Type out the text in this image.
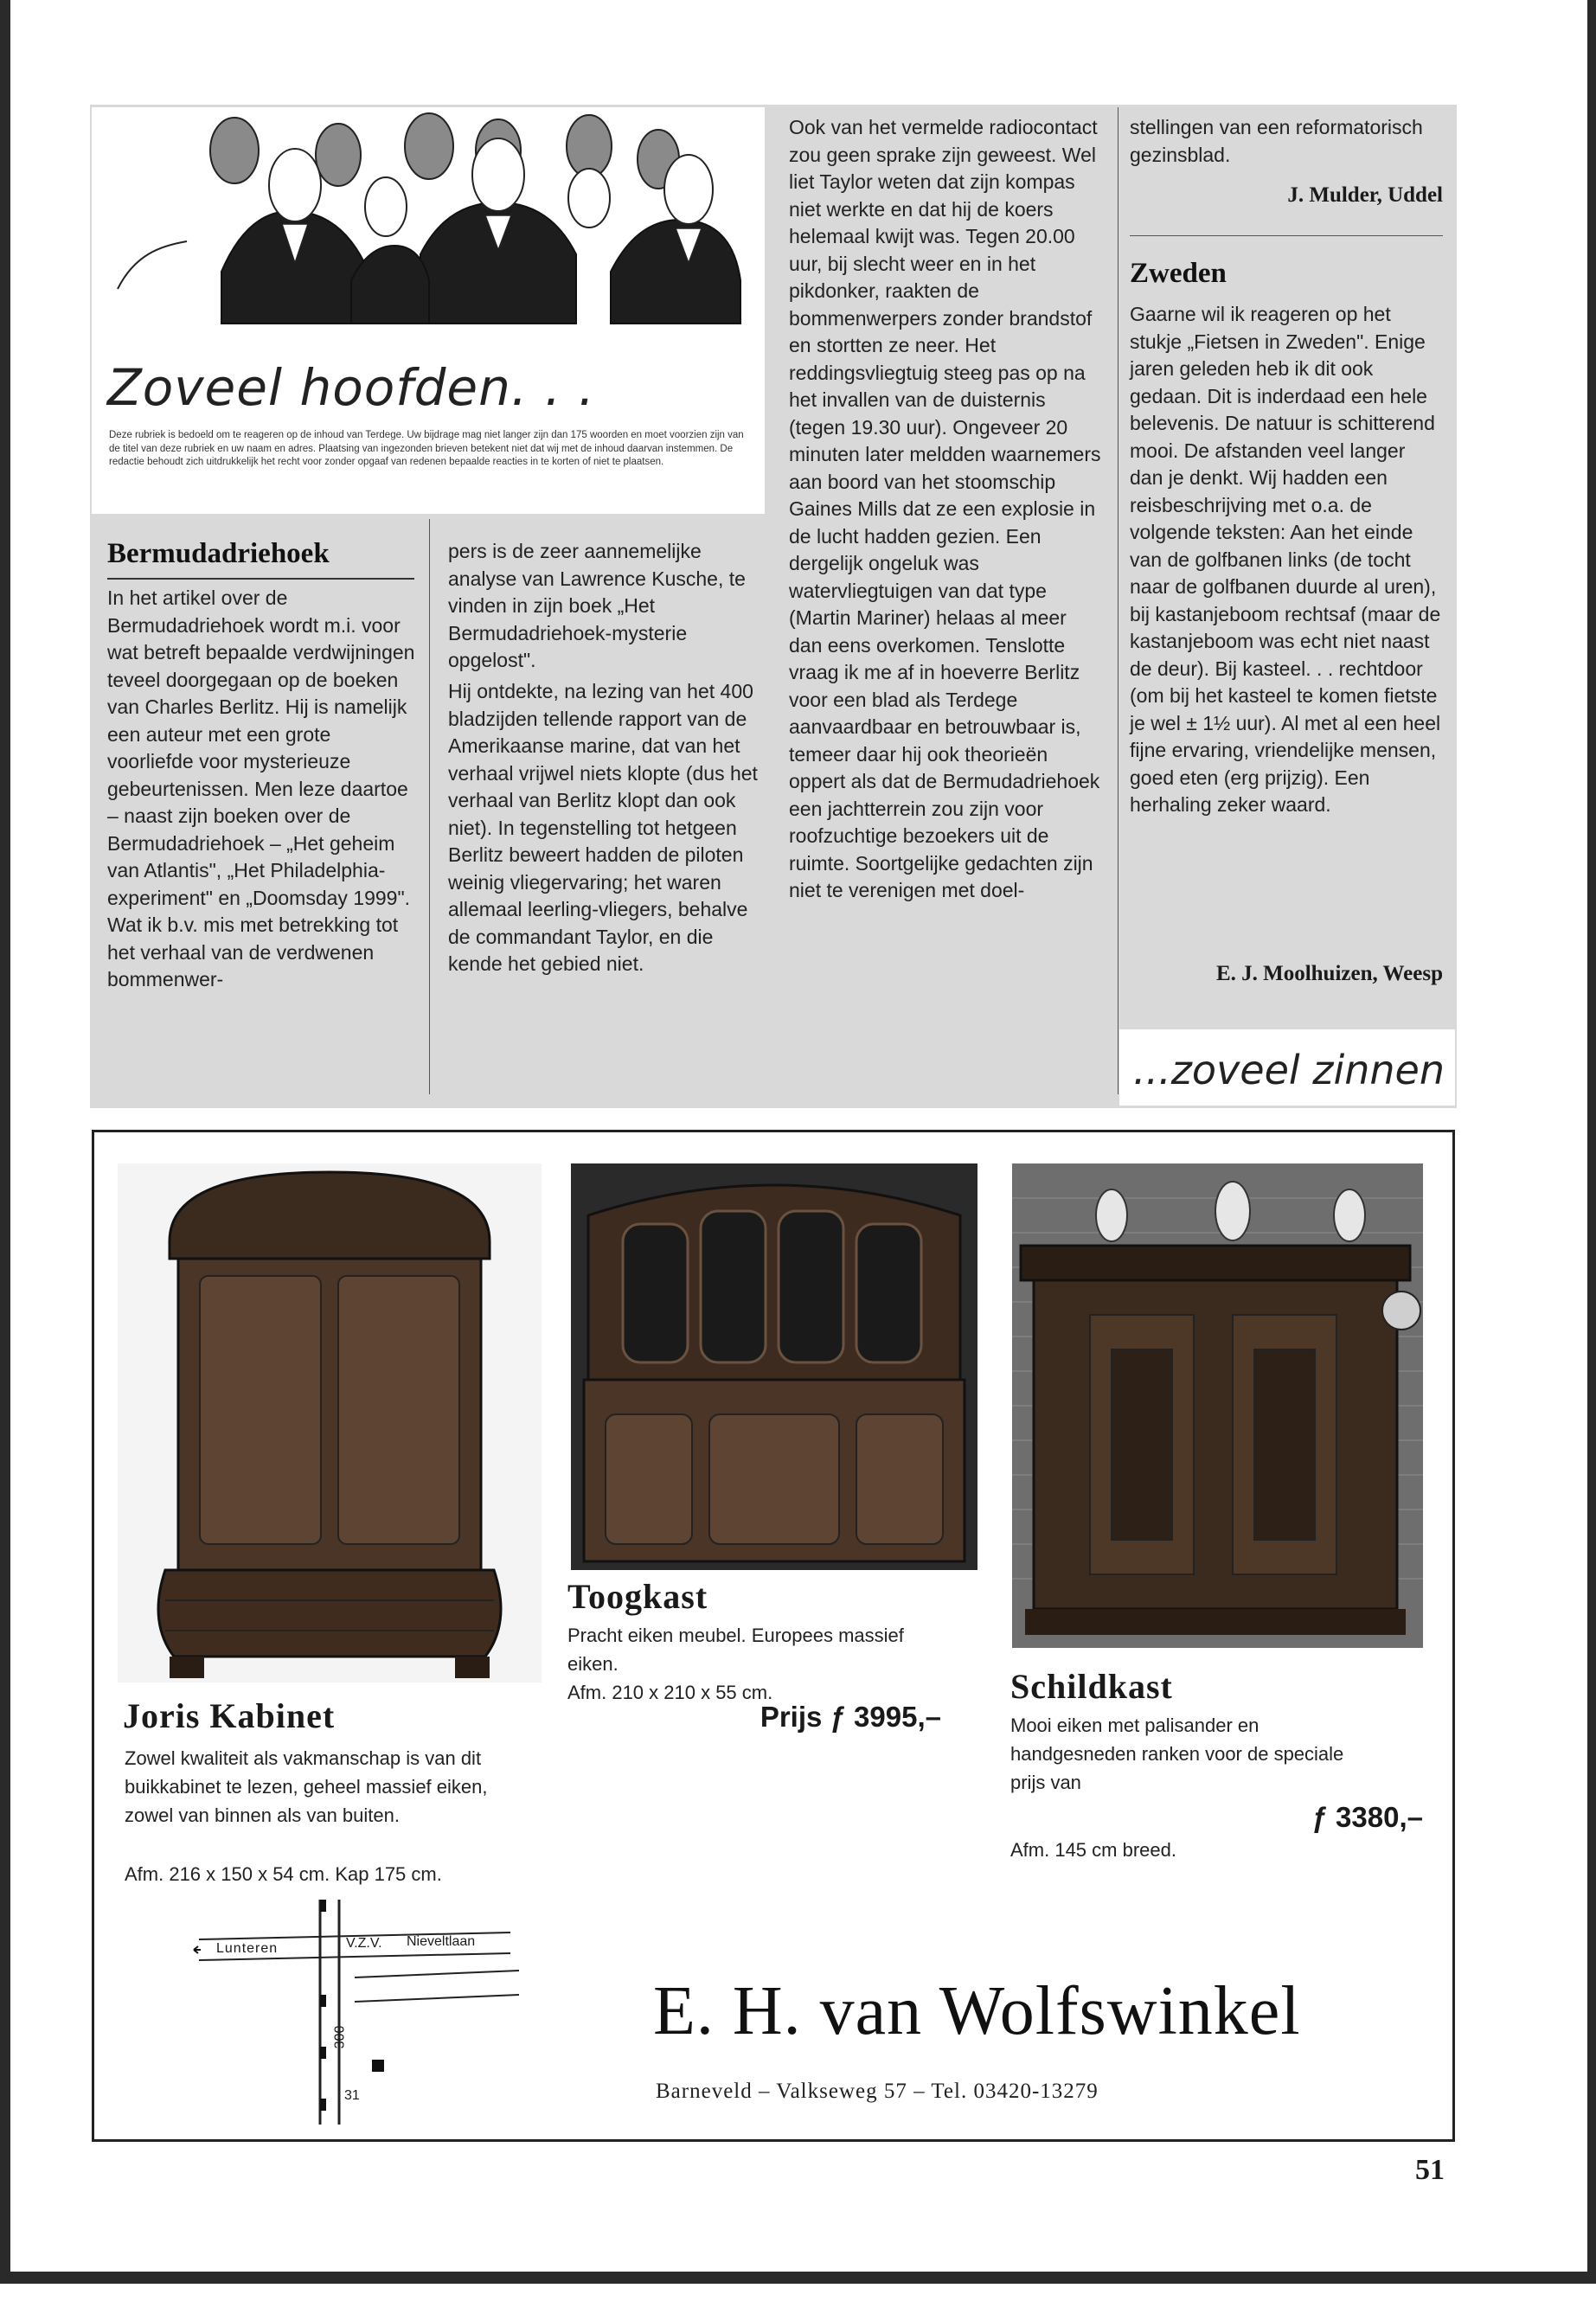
Zoveel hoofden. . .
Deze rubriek is bedoeld om te reageren op de inhoud van Terdege. Uw bijdrage mag niet langer zijn dan 175 woorden en moet voorzien zijn van de titel van deze rubriek en uw naam en adres. Plaatsing van ingezonden brieven betekent niet dat wij met de inhoud daarvan instemmen. De redactie behoudt zich uitdrukkelijk het recht voor zonder opgaaf van redenen bepaalde reacties in te korten of niet te plaatsen.
Bermudadriehoek
In het artikel over de Bermudadriehoek wordt m.i. voor wat betreft bepaalde verdwijningen teveel doorgegaan op de boeken van Charles Berlitz. Hij is namelijk een auteur met een grote voorliefde voor mysterieuze gebeurtenissen. Men leze daartoe – naast zijn boeken over de Bermudadriehoek – „Het geheim van Atlantis", „Het Philadelphia-experiment" en „Doomsday 1999". Wat ik b.v. mis met betrekking tot het verhaal van de verdwenen bommenwer-
pers is de zeer aannemelijke analyse van Lawrence Kusche, te vinden in zijn boek „Het Bermudadriehoek-mysterie opgelost".
Hij ontdekte, na lezing van het 400 bladzijden tellende rapport van de Amerikaanse marine, dat van het verhaal vrijwel niets klopte (dus het verhaal van Berlitz klopt dan ook niet). In tegenstelling tot hetgeen Berlitz beweert hadden de piloten weinig vliegervaring; het waren allemaal leerling-vliegers, behalve de commandant Taylor, en die kende het gebied niet.
Ook van het vermelde radiocontact zou geen sprake zijn geweest. Wel liet Taylor weten dat zijn kompas niet werkte en dat hij de koers helemaal kwijt was. Tegen 20.00 uur, bij slecht weer en in het pikdonker, raakten de bommenwerpers zonder brandstof en stortten ze neer. Het reddingsvliegtuig steeg pas op na het invallen van de duisternis (tegen 19.30 uur). Ongeveer 20 minuten later meldden waarnemers aan boord van het stoomschip Gaines Mills dat ze een explosie in de lucht hadden gezien. Een dergelijk ongeluk was watervliegtuigen van dat type (Martin Mariner) helaas al meer dan eens overkomen. Tenslotte vraag ik me af in hoeverre Berlitz voor een blad als Terdege aanvaardbaar en betrouwbaar is, temeer daar hij ook theorieën oppert als dat de Bermudadriehoek een jachtterrein zou zijn voor roofzuchtige bezoekers uit de ruimte. Soortgelijke gedachten zijn niet te verenigen met doel-
stellingen van een reformatorisch gezinsblad.
J. Mulder, Uddel
Zweden
Gaarne wil ik reageren op het stukje „Fietsen in Zweden". Enige jaren geleden heb ik dit ook gedaan. Dit is inderdaad een hele belevenis. De natuur is schitterend mooi. De afstanden veel langer dan je denkt. Wij hadden een reisbeschrijving met o.a. de volgende teksten: Aan het einde van de golfbanen links (de tocht naar de golfbanen duurde al uren), bij kastanjeboom rechtsaf (maar de kastanjeboom was echt niet naast de deur). Bij kasteel. . . rechtdoor (om bij het kasteel te komen fietste je wel ± 1½ uur). Al met al een heel fijne ervaring, vriendelijke mensen, goed eten (erg prijzig). Een herhaling zeker waard.
E. J. Moolhuizen, Weesp
...zoveel zinnen
Joris Kabinet
Zowel kwaliteit als vakmanschap is van dit buikkabinet te lezen, geheel massief eiken, zowel van binnen als van buiten.
Afm. 216 x 150 x 54 cm. Kap 175 cm.
Toogkast
Pracht eiken meubel. Europees massief eiken.
Afm. 210 x 210 x 55 cm.
Prijs ƒ 3995,–
Schildkast
Mooi eiken met palisander en handgesneden ranken voor de speciale prijs van
ƒ 3380,–
Afm. 145 cm breed.
Lunteren	V.Z.V. Nieveltlaan
300
31
E. H. van Wolfswinkel
Barneveld – Valkseweg 57 – Tel. 03420-13279
51
